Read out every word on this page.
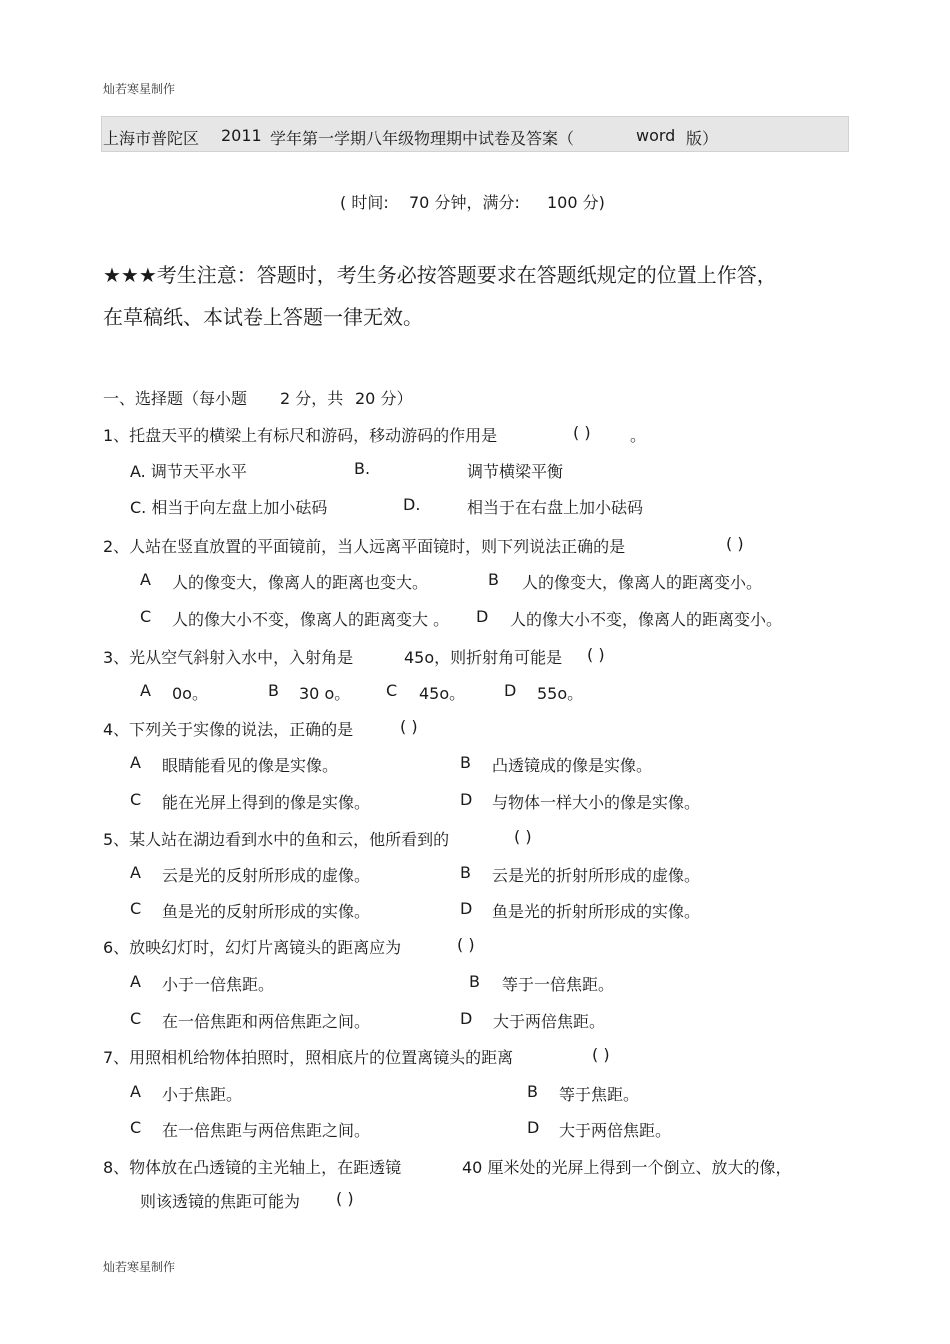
灿若寒星制作
上海市普陀区 2011 学年第一学期八年级物理期中试卷及答案（	word 版）
( 时间: 70 分钟，满分: 100 分)
★★★考生注意：答题时，考生务必按答题要求在答题纸规定的位置上作答，
在草稿纸、本试卷上答题一律无效。
一、选择题（每小题 2 分，共 20 分）
1、托盘天平的横梁上有标尺和游码，移动游码的作用是	( ) 。
A. 调节天平水平	B.	调节横梁平衡
C. 相当于向左盘上加小砝码	D.	相当于在右盘上加小砝码
2、人站在竖直放置的平面镜前，当人远离平面镜时，则下列说法正确的是	( )
A 人的像变大，像离人的距离也变大。	B 人的像变大，像离人的距离变小。
C 人的像大小不变，像离人的距离变大 。 D 人的像大小不变，像离人的距离变小。
3、光从空气斜射入水中，入射角是	45o，则折射角可能是 ( )
A 0o。	B 30 o。 C 45o。 D 55o。
4、下列关于实像的说法，正确的是	( )
A 眼睛能看见的像是实像。	B 凸透镜成的像是实像。
C 能在光屏上得到的像是实像。	D 与物体一样大小的像是实像。
5、某人站在湖边看到水中的鱼和云，他所看到的	( )
A 云是光的反射所形成的虚像。	B 云是光的折射所形成的虚像。
C 鱼是光的反射所形成的实像。	D 鱼是光的折射所形成的实像。
6、放映幻灯时，幻灯片离镜头的距离应为	( )
A 小于一倍焦距。	B 等于一倍焦距。
C 在一倍焦距和两倍焦距之间。	D 大于两倍焦距。
7、用照相机给物体拍照时，照相底片的位置离镜头的距离	( )
A 小于焦距。	B 等于焦距。
C 在一倍焦距与两倍焦距之间。	D 大于两倍焦距。
8、物体放在凸透镜的主光轴上，在距透镜	40 厘米处的光屏上得到一个倒立、放大的像，
则该透镜的焦距可能为 ( )
灿若寒星制作
